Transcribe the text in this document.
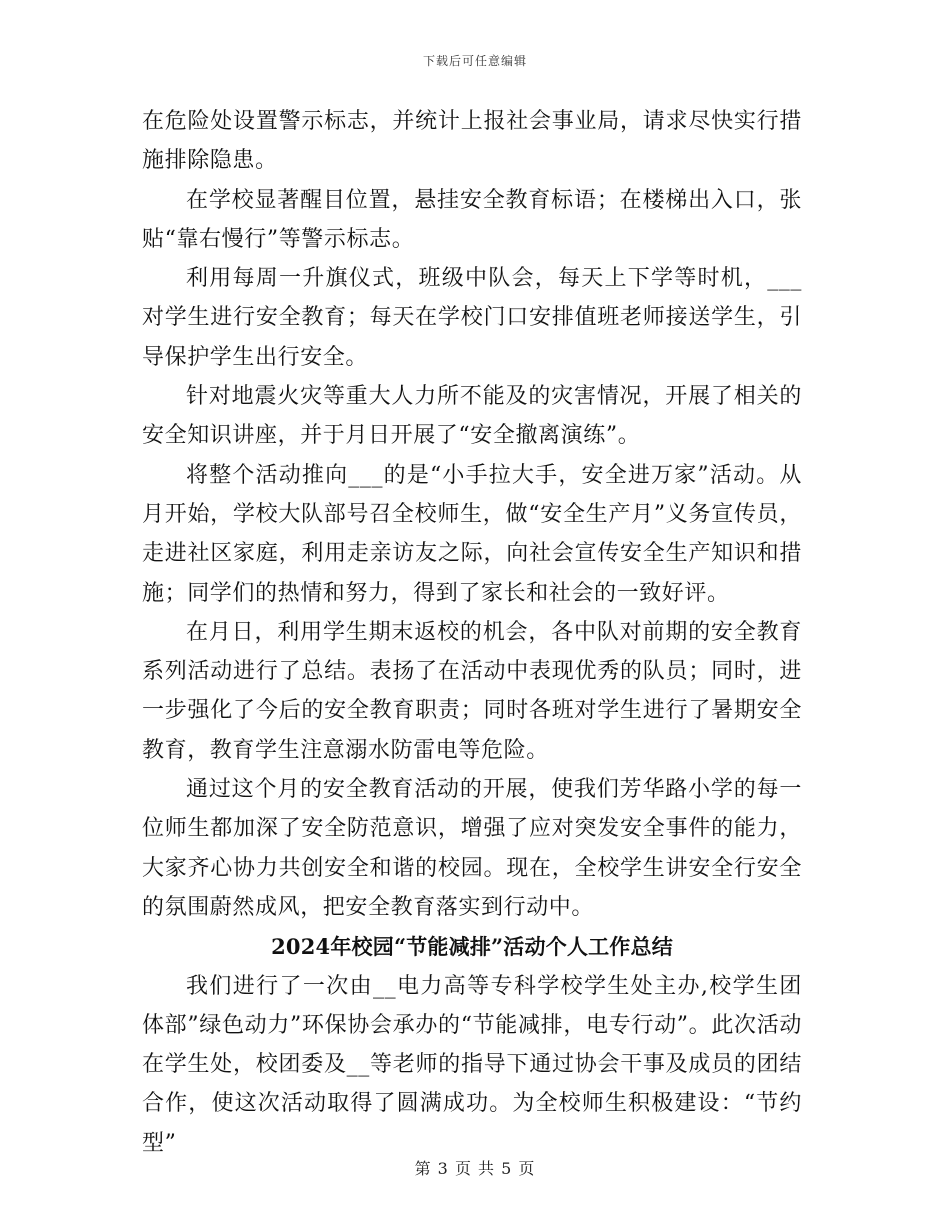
下载后可任意编辑

在危险处设置警示标志，并统计上报社会事业局，请求尽快实行措施排除隐患。

在学校显著醒目位置，悬挂安全教育标语；在楼梯出入口，张贴“靠右慢行”等警示标志。

利用每周一升旗仪式，班级中队会，每天上下学等时机，___对学生进行安全教育；每天在学校门口安排值班老师接送学生，引导保护学生出行安全。

针对地震火灾等重大人力所不能及的灾害情况，开展了相关的安全知识讲座，并于月日开展了“安全撤离演练”。

将整个活动推向___的是“小手拉大手，安全进万家”活动。从月开始，学校大队部号召全校师生，做“安全生产月”义务宣传员，走进社区家庭，利用走亲访友之际，向社会宣传安全生产知识和措施；同学们的热情和努力，得到了家长和社会的一致好评。

在月日，利用学生期末返校的机会，各中队对前期的安全教育系列活动进行了总结。表扬了在活动中表现优秀的队员；同时，进一步强化了今后的安全教育职责；同时各班对学生进行了暑期安全教育，教育学生注意溺水防雷电等危险。

通过这个月的安全教育活动的开展，使我们芳华路小学的每一位师生都加深了安全防范意识，增强了应对突发安全事件的能力，大家齐心协力共创安全和谐的校园。现在，全校学生讲安全行安全的氛围蔚然成风，把安全教育落实到行动中。

2024年校园“节能减排”活动个人工作总结

我们进行了一次由__电力高等专科学校学生处主办,校学生团体部”绿色动力”环保协会承办的“节能减排，电专行动”。此次活动在学生处，校团委及__等老师的指导下通过协会干事及成员的团结合作，使这次活动取得了圆满成功。为全校师生积极建设：“节约型”

第 3 页 共 5 页
